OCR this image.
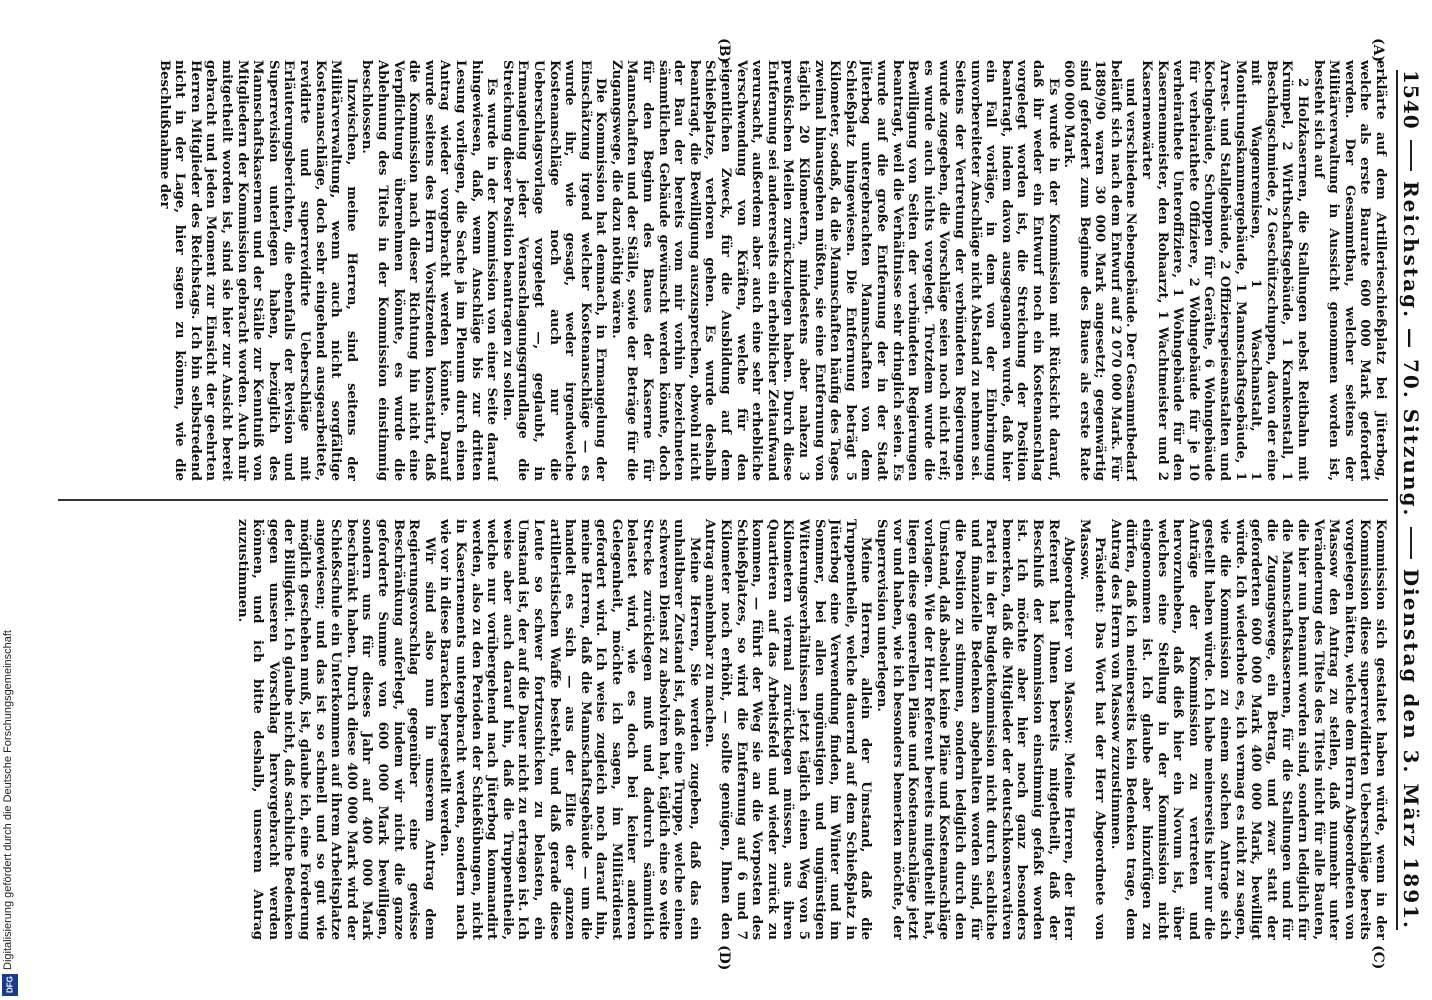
1540
Reichstag. — 70. Sitzung.
Dienstag den 3. März 1891.

erklärte auf dem Artillerieschießplatz bei Jüterbog, welche als erste Baurate 600 000 Mark gefordert werden. Der Gesammtbau, welcher seitens der Militärverwaltung in Aussicht genommen worden ist, besteht sich auf

2 Holzkasernen, die Stallungen nebst Reitbahn mit Krümpel, 2 Wirthschaftsgebäude, 1 Krankenstall, 1 Beschlagschmiede, 2 Geschützschuppen, davon der eine mit Wagenremisen, 1 Waschanstalt, 1 Montirungskammergebäude, 1 Mannschaftsgebäude, 1 Arrest- und Stallgebäude, 2 Offizierspeiseanstalten und Kochgebäude, Schuppen für Geräthe, 6 Wohngebäude für verheirathete Offiziere, 2 Wohngebäude für je 10 verheirathete Unteroffiziere, 1 Wohngebäude für den Kasernenmeister, den Rohaarzt, 1 Wachtmeister und 2 Kasernenwärter

und verschiedene Nebengebäude. Der Gesammtbedarf beläuft sich nach dem Entwurf auf 2 070 000 Mark. Für 1889/90 waren 30 000 Mark angesetzt; gegenwärtig sind gefordert zum Beginne des Baues als erste Rate 600 000 Mark.

Es wurde in der Kommission mit Rücksicht darauf, daß ihr weder ein Entwurf noch ein Kostenanschlag vorgelegt worden ist, die Streichung der Position beantragt, indem davon ausgegangen wurde, daß hier ein Fall vorläge, in dem von der Einbringung unvorbereiteter Anschläge nicht Abstand zu nehmen sei. Seitens der Vertretung der verbündeten Regierungen wurde zugegeben, die Vorschläge seien noch nicht reif; es wurde auch nichts vorgelegt. Trotzdem wurde die Bewilligung von Seiten der verbündeten Regierungen beantragt, weil die Verhältnisse sehr dringlich seien. Es wurde auf die große Entfernung der in der Stadt Jüterbog untergebrachten Mannschaften von dem Schießplatz hingewiesen. Die Entfernung beträgt 5 Kilometer, sodaß, da die Mannschaften häufig des Tages zweimal hinausgehen müßten, sie eine Entfernung von täglich 20 Kilometern, mindestens aber nahezu 3 preußischen Meilen zurückzulegen haben. Durch diese Entfernung sei andererseits ein erheblicher Zeitaufwand verursacht, außerdem aber auch eine sehr erhebliche Verschwendung von Kräften, welche für den eigentlichen Zweck, für die Ausbildung auf dem Schießplatze, verloren gehen. Es wurde deshalb beantragt, die Bewilligung auszusprechen, obwohl nicht der Bau der bereits vom mir vorhin bezeichneten sämmtlichen Gebäude gewünscht werden könnte, doch für den Beginn des Baues der Kaserne für Mannschaften und der Ställe, sowie der Beträge für die Zugangswege, die dazu nöthig wären.

Die Kommission hat demnach, in Ermangelung der Einschätzung irgend welcher Kostenanschläge — es wurde ihr, wie gesagt, weder irgendwelche Kostenanschläge noch auch nur die Ueberschlagsvorlage vorgelegt —, geglaubt, in Ermangelung jeder Veranschlagungsgrundlage die Streichung dieser Position beantragen zu sollen.

Es wurde in der Kommission von einer Seite darauf hingewiesen, daß, wenn Anschläge bis zur dritten Lesung vorliegen, die Sache ja im Plenum durch einen Antrag wieder vorgebracht werden könnte. Darauf wurde seitens des Herrn Vorsitzenden konstatirt, daß die Kommission nach dieser Richtung hin nicht eine Verpflichtung übernehmen könnte, es wurde die Ablehnung des Titels in der Kommission einstimmig beschlossen.

Inzwischen, meine Herren, sind seitens der Militärverwaltung, wenn auch nicht sorgfältige Kostenanschläge, doch sehr eingehend ausgearbeitete, revidirte und superrevidirte Ueberschläge mit Erläuterungsberichten, die ebenfalls der Revision und Superrevision unterlegen haben, bezüglich des Mannschaftskasernen und der Ställe zur Kenntniß von Mitgliedern der Kommission gebracht worden. Auch mir mitgetheilt worden ist, sind sie hier zur Ansicht bereit gebracht und jeden Moment zur Einsicht der geehrten Herren Mitglieder des Reichstags. Ich bin selbstredend nicht in der Lage, hier sagen zu können, wie die Beschlußnahme der

Kommission sich gestaltet haben würde, wenn in der Kommission diese superrevidirten Ueberschläge bereits vorgelegen hätten, welche dem Herrn Abgeordneten von Massow den Antrag zu stellen, daß nunmehr unter Veränderung des Titels des Titels nicht für alle Bauten, die hier nun benannt worden sind, sondern lediglich für die Mannschaftskasernen, für die Stallungen und für die Zugangswege, ein Betrag, und zwar statt der geforderten 600 000 Mark 400 000 Mark, bewilligt würde. Ich wiederhole es, ich vermag es nicht zu sagen, wie die Kommission zu einem solchen Antrage sich gestellt haben würde. Ich habe meinerseits hier nur die Anträge der Kommission zu vertreten und hervorzuheben, daß dieß hier ein Novum ist, über welches eine Stellung in der Kommission nicht eingenommen ist. Ich glaube aber hinzufügen zu dürfen, daß ich meinerseits kein Bedenken trage, dem Antrag des Herrn von Massow zuzustimmen.

Präsident: Das Wort hat der Herr Abgeordnete von Massow.

Abgeordneter von Massow: Meine Herren, der Herr Referent hat Ihnen bereits mitgetheilt, daß der Beschluß der Kommission einstimmig gefaßt worden ist. Ich möchte aber hier noch ganz besonders bemerken, daß die Mitglieder der deutschkonservativen Partei in der Budgetkommission nicht durch sachliche und finanzielle Bedenken abgehalten worden sind, für die Position zu stimmen, sondern lediglich durch den Umstand, daß absolut keine Pläne und Kostenanschläge vorlagen. Wie der Herr Referent bereits mitgetheilt hat, liegen diese generellen Pläne und Kostenanschläge jetzt vor und haben, wie ich besonders bemerken möchte, der Superrevision unterlegen.

Meine Herren, allein der Umstand, daß die Truppentheile, welche dauernd auf dem Schießplatz in Jüterbog eine Verwendung finden, im Winter und im Sommer, bei allen ungünstigen und ungünstigen Witterungsverhältnissen jetzt täglich einen Weg von 5 Kilometern viermal zurücklegen müssen, aus ihren Quartieren auf das Arbeitsfeld und wieder zurück zu kommen, — führt der Weg sie an die Vorposten des Schießplatzes, so wird die Entfernung auf 6 und 7 Kilometer noch erhöht, — sollte genügen, Ihnen den Antrag annehmbar zu machen.

Meine Herren, Sie werden zugeben, daß das ein unhaltbarer Zustand ist, daß eine Truppe, welche einen schweren Dienst zu absolviren hat, täglich eine so weite Strecke zurücklegen muß und dadurch sämmtlich belastet wird, wie es doch bei keiner anderen Gelegenheit, möchte ich sagen, im Militärdienst gefordert wird. Ich weise zugleich noch darauf hin, meine Herren, daß die Mannschaftsgebäude — um die handelt es sich — aus der Elite der ganzen artilleristischen Waffe besteht, und daß gerade diese Leute so schwer fortzuschicken zu belasten, ein Umstand ist, der auf die Dauer nicht zu ertragen ist. Ich weise aber auch darauf hin, daß die Truppentheile, welche nur vorübergehend nach Jüterbog kommandirt werden, also zu den Perioden der Schießübungen, nicht in Kasernements untergebracht werden, sondern nach wie vor in diese Baracken bergestellt werden.

Wir sind also nun in unserem Antrag dem Regierungsvorschlag gegenüber eine gewisse Beschränkung auferlegt, indem wir nicht die ganze geforderte Summe von 600 000 Mark bewilligen, sondern uns für dieses Jahr auf 400 000 Mark beschränkt haben. Durch diese 400 000 Mark wird der Schießschule ein Unterkommen auf ihrem Arbeitsplatze angewiesen; und das ist so schnell und so gut wie möglich geschehen muß, ist, glaube ich, eine Forderung der Billigkeit. Ich glaube nicht, daß sachliche Bedenken gegen unseren Vorschlag hervorgebracht werden können, und ich bitte deshalb, unserem Antrag zuzustimmen.

(A)
(B)
(C)
(D)
Digitalisierung gefördert durch die Deutsche Forschungsgemeinschaft
DFG
